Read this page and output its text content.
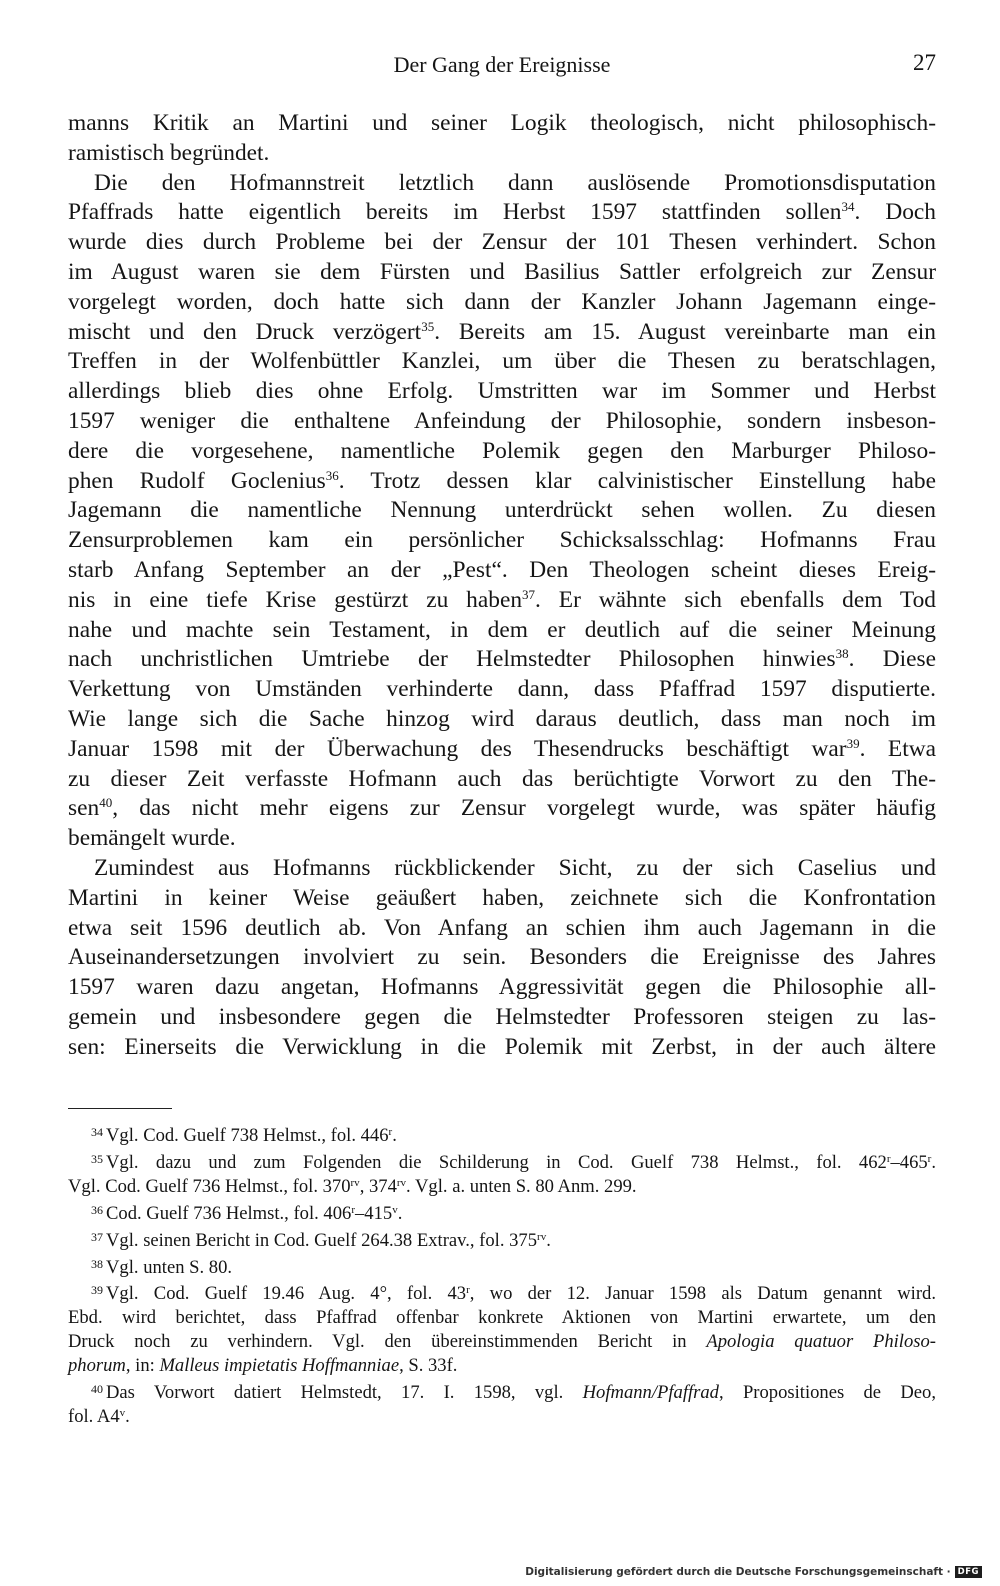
Der Gang der Ereignisse	27

manns Kritik an Martini und seiner Logik theologisch, nicht philosophisch-

ramistisch begründet.

Die den Hofmannstreit letztlich dann auslösende Promotionsdisputation

Pfaffrads hatte eigentlich bereits im Herbst 1597 stattfinden sollen$^{34}$. Doch

wurde dies durch Probleme bei der Zensur der 101 Thesen verhindert. Schon

im August waren sie dem Fürsten und Basilius Sattler erfolgreich zur Zensur

vorgelegt worden, doch hatte sich dann der Kanzler Johann Jagemann einge-

mischt und den Druck verzögert$^{35}$. Bereits am 15. August vereinbarte man ein

Treffen in der Wolfenbüttler Kanzlei, um über die Thesen zu beratschlagen,

allerdings blieb dies ohne Erfolg. Umstritten war im Sommer und Herbst

1597 weniger die enthaltene Anfeindung der Philosophie, sondern insbeson-

dere die vorgesehene, namentliche Polemik gegen den Marburger Philoso-

phen Rudolf Goclenius$^{36}$. Trotz dessen klar calvinistischer Einstellung habe

Jagemann die namentliche Nennung unterdrückt sehen wollen. Zu diesen

Zensurproblemen kam ein persönlicher Schicksalsschlag: Hofmanns Frau

starb Anfang September an der „Pest“. Den Theologen scheint dieses Ereig-

nis in eine tiefe Krise gestürzt zu haben$^{37}$. Er wähnte sich ebenfalls dem Tod

nahe und machte sein Testament, in dem er deutlich auf die seiner Meinung

nach unchristlichen Umtriebe der Helmstedter Philosophen hinwies$^{38}$. Diese

Verkettung von Umständen verhinderte dann, dass Pfaffrad 1597 disputierte.

Wie lange sich die Sache hinzog wird daraus deutlich, dass man noch im

Januar 1598 mit der Überwachung des Thesendrucks beschäftigt war$^{39}$. Etwa

zu dieser Zeit verfasste Hofmann auch das berüchtigte Vorwort zu den The-

sen$^{40}$, das nicht mehr eigens zur Zensur vorgelegt wurde, was später häufig

bemängelt wurde.

Zumindest aus Hofmanns rückblickender Sicht, zu der sich Caselius und

Martini in keiner Weise geäußert haben, zeichnete sich die Konfrontation

etwa seit 1596 deutlich ab. Von Anfang an schien ihm auch Jagemann in die

Auseinandersetzungen involviert zu sein. Besonders die Ereignisse des Jahres

1597 waren dazu angetan, Hofmanns Aggressivität gegen die Philosophie all-

gemein und insbesondere gegen die Helmstedter Professoren steigen zu las-

sen: Einerseits die Verwicklung in die Polemik mit Zerbst, in der auch ältere

$^{34}$ Vgl. Cod. Guelf 738 Helmst., fol. 446$^r$.

$^{35}$ Vgl. dazu und zum Folgenden die Schilderung in Cod. Guelf 738 Helmst., fol. 462$^r$–465$^r$.

Vgl. Cod. Guelf 736 Helmst., fol. $370^{rv}$, $374^{rv}$. Vgl. a. unten S. 80 Anm. 299.

$^{36}$ Cod. Guelf 736 Helmst., fol. 406$^r$–415$^v$.

$^{37}$ Vgl. seinen Bericht in Cod. Guelf 264.38 Extrav., fol. $375^{rv}$.

$^{38}$ Vgl. unten S. 80.

$^{39}$ Vgl. Cod. Guelf 19.46 Aug. 4°, fol. 43$^r$, wo der 12. Januar 1598 als Datum genannt wird.

Ebd. wird berichtet, dass Pfaffrad offenbar konkrete Aktionen von Martini erwartete, um den

Druck noch zu verhindern. Vgl. den übereinstimmenden Bericht in Apologia quatuor Philoso-

phorum, in: Malleus impietatis Hoffmanniae, S. 33f.

$^{40}$ Das Vorwort datiert Helmstedt, 17. I. 1598, vgl. Hofmann/Pfaffrad, Propositiones de Deo,

fol. A4$^v$.

Digitalisierung gefördert durch die Deutsche Forschungsgemeinschaft · DFG
